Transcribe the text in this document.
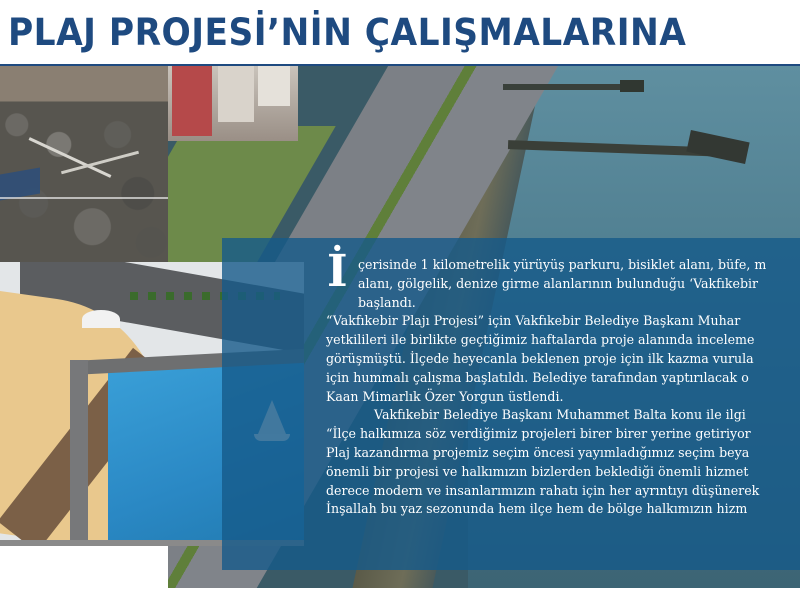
PLAJ PROJESİ’NİN ÇALIŞMALARINA
İ çerisinde 1 kilometrelik yürüyüş parkuru, bisiklet alanı, büfe, m

alanı, gölgelik, denize girme alanlarının bulunduğu ‘Vakfıkebir

başlandı.

“Vakfıkebir Plajı Projesi” için Vakfıkebir Belediye Başkanı Muhar

yetkilileri ile birlikte geçtiğimiz haftalarda proje alanında inceleme

görüşmüştü. İlçede heyecanla beklenen proje için ilk kazma vurula

için hummalı çalışma başlatıldı. Belediye tarafından yaptırılacak o

Kaan Mimarlık Özer Yorgun üstlendi.

Vakfıkebir Belediye Başkanı Muhammet Balta konu ile ilgi

“İlçe halkımıza söz verdiğimiz projeleri birer birer yerine getiriyor

Plaj kazandırma projemiz seçim öncesi yayımladığımız seçim beya

önemli bir projesi ve halkımızın bizlerden beklediği önemli hizmet

derece modern ve insanlarımızın rahatı için her ayrıntıyı düşünerek

İnşallah bu yaz sezonunda hem ilçe hem de bölge halkımızın hizm
